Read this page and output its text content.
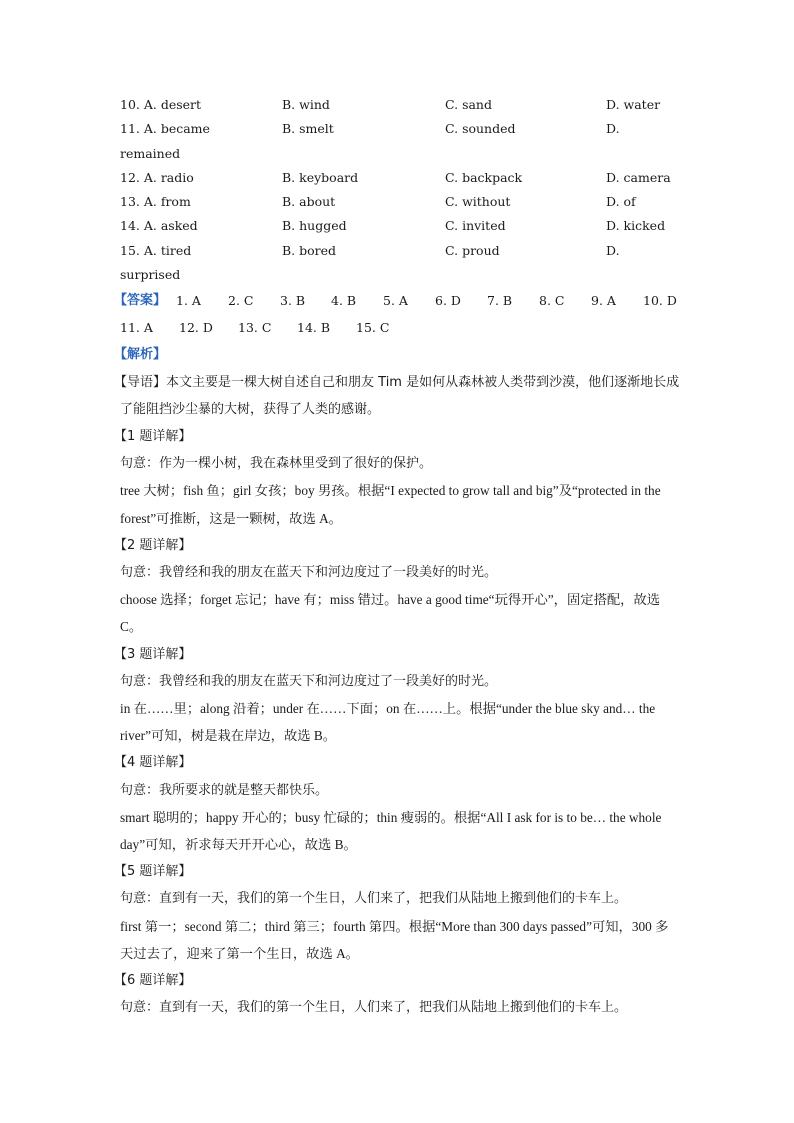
10. A. desert	B. wind	C. sand	D. water
11. A. became	B. smelt	C. sounded	D.
remained
12. A. radio	B. keyboard	C. backpack	D. camera
13. A. from	B. about	C. without	D. of
14. A. asked	B. hugged	C. invited	D. kicked
15. A. tired	B. bored	C. proud	D.
surprised
【答案】 1. A 2. C 3. B 4. B 5. A 6. D 7. B 8. C 9. A 10. D
11. A 12. D 13. C 14. B 15. C
【解析】
【导语】本文主要是一棵大树自述自己和朋友 Tim 是如何从森林被人类带到沙漠，他们逐渐地长成了能阻挡沙尘暴的大树，获得了人类的感谢。
【1 题详解】
句意：作为一棵小树，我在森林里受到了很好的保护。
tree 大树；fish 鱼；girl 女孩；boy 男孩。根据“I expected to grow tall and big”及“protected in the forest”可推断，这是一颗树，故选 A。
【2 题详解】
句意：我曾经和我的朋友在蓝天下和河边度过了一段美好的时光。
choose 选择；forget 忘记；have 有；miss 错过。have a good time“玩得开心”，固定搭配，故选 C。
【3 题详解】
句意：我曾经和我的朋友在蓝天下和河边度过了一段美好的时光。
in 在……里；along 沿着；under 在……下面；on 在……上。根据“under the blue sky and… the river”可知，树是栽在岸边，故选 B。
【4 题详解】
句意：我所要求的就是整天都快乐。
smart 聪明的；happy 开心的；busy 忙碌的；thin 瘦弱的。根据“All I ask for is to be… the whole day”可知，祈求每天开开心心，故选 B。
【5 题详解】
句意：直到有一天，我们的第一个生日，人们来了，把我们从陆地上搬到他们的卡车上。
first 第一；second 第二；third 第三；fourth 第四。根据“More than 300 days passed”可知，300 多天过去了，迎来了第一个生日，故选 A。
【6 题详解】
句意：直到有一天，我们的第一个生日，人们来了，把我们从陆地上搬到他们的卡车上。
